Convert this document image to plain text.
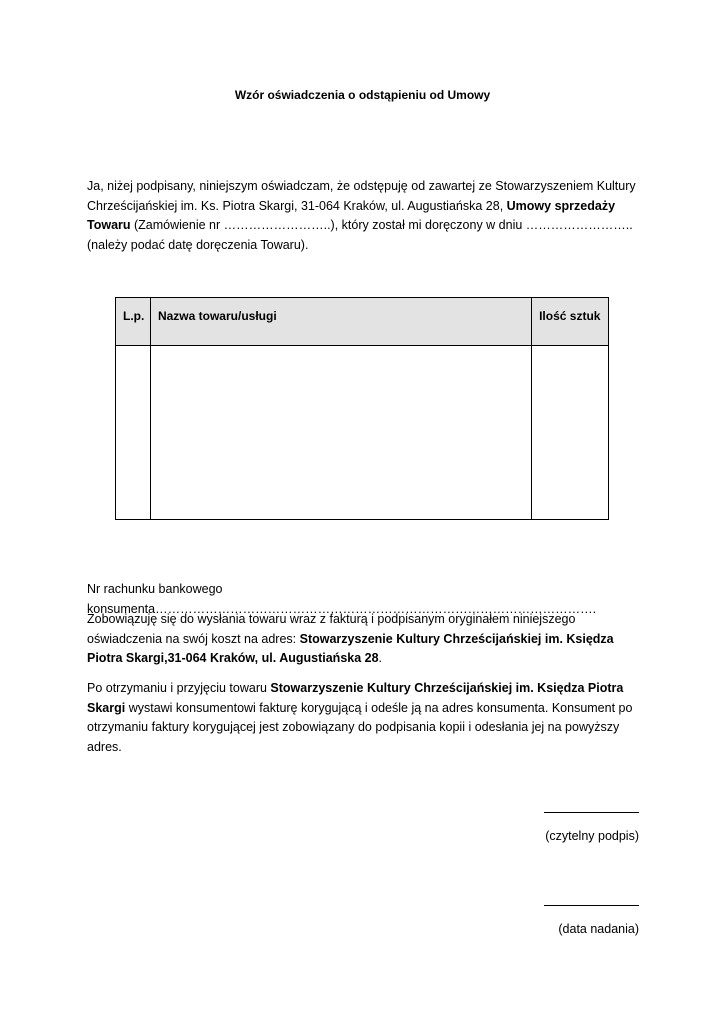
Wzór oświadczenia o odstąpieniu od Umowy

Ja, niżej podpisany, niniejszym oświadczam, że odstępuję od zawartej ze Stowarzyszeniem Kultury Chrześcijańskiej im. Ks. Piotra Skargi, 31-064 Kraków, ul. Augustiańska 28, Umowy sprzedaży Towaru (Zamówienie nr ……………………..), który został mi doręczony w dniu ……………………..(należy podać datę doręczenia Towaru).

L.p.	Nazwa towaru/usługi	Ilość sztuk

Nr rachunku bankowego konsumenta…………………………………………………………………………………………….

Zobowiązuję się do wysłania towaru wraz z fakturą i podpisanym oryginałem niniejszego oświadczenia na swój koszt na adres: Stowarzyszenie Kultury Chrześcijańskiej im. Księdza Piotra Skargi,31-064 Kraków, ul. Augustiańska 28.

Po otrzymaniu i przyjęciu towaru Stowarzyszenie Kultury Chrześcijańskiej im. Księdza Piotra Skargi wystawi konsumentowi fakturę korygującą i odeśle ją na adres konsumenta. Konsument po otrzymaniu faktury korygującej jest zobowiązany do podpisania kopii i odesłania jej na powyższy adres.

(czytelny podpis)
(data nadania)
